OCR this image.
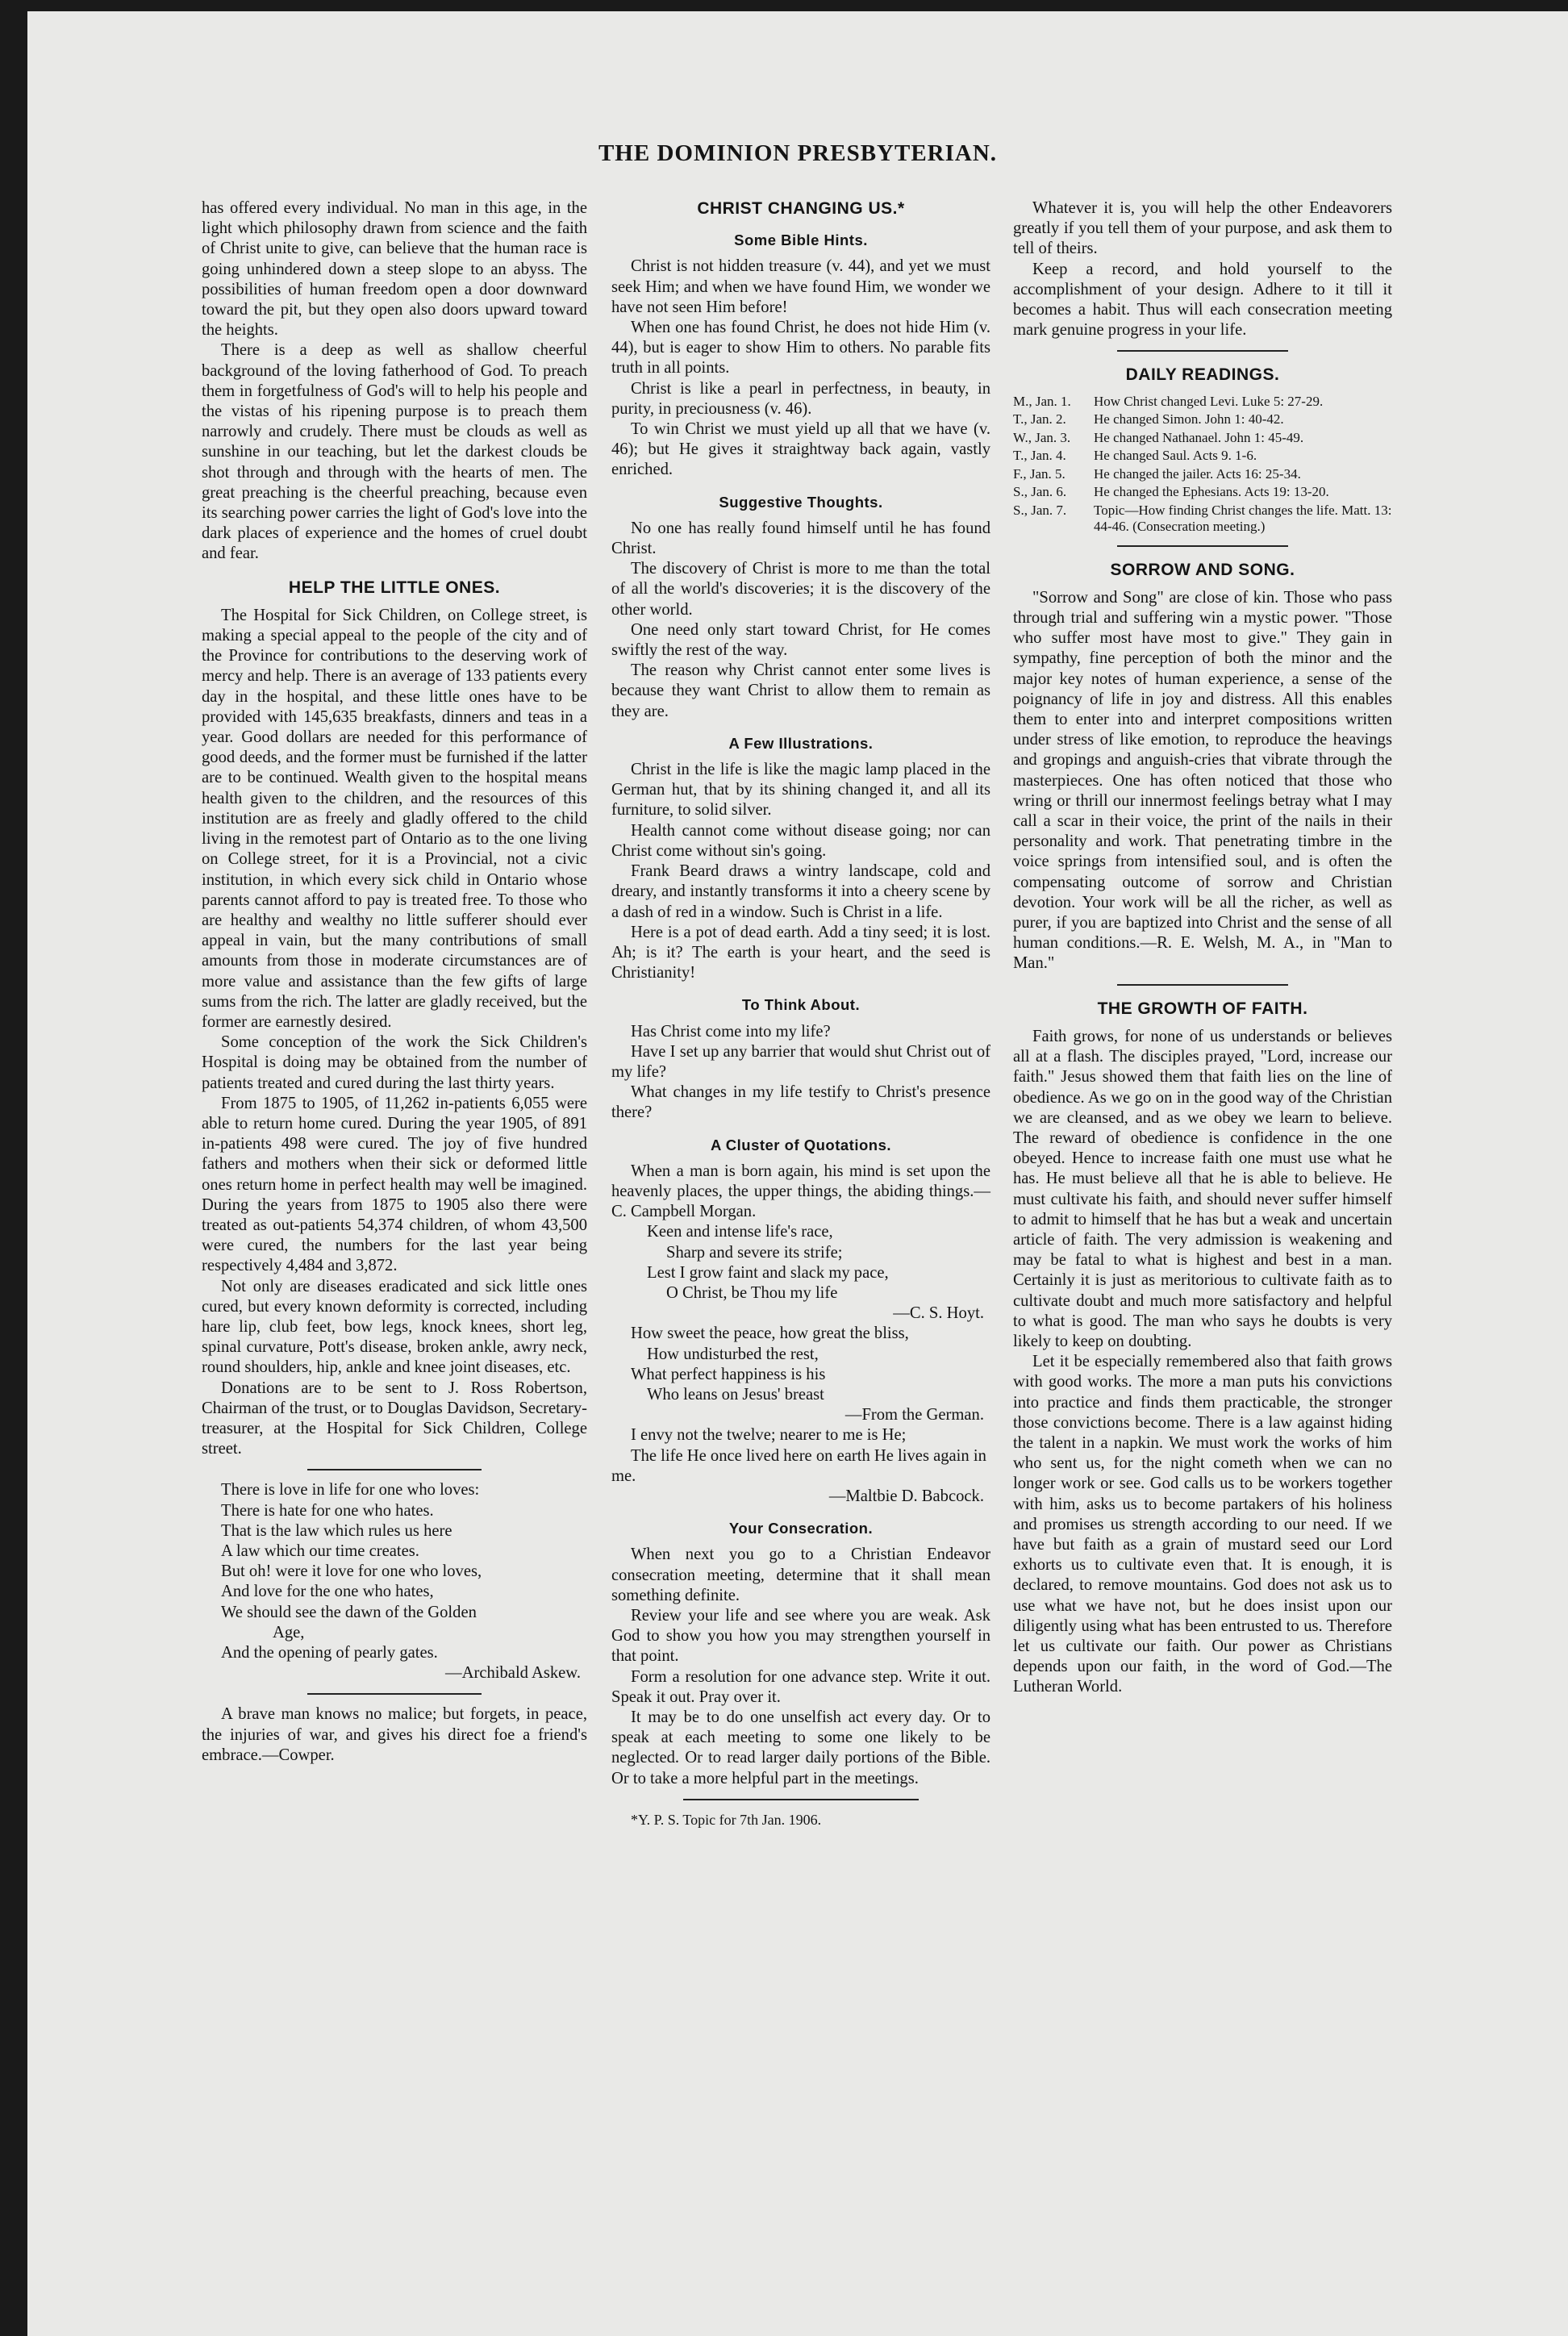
THE DOMINION PRESBYTERIAN.

has offered every individual. No man in this age, in the light which philosophy drawn from science and the faith of Christ unite to give, can believe that the human race is going unhindered down a steep slope to an abyss. The possibilities of human freedom open a door downward toward the pit, but they open also doors upward toward the heights.

There is a deep as well as shallow cheerful background of the loving fatherhood of God. To preach them in forgetfulness of God's will to help his people and the vistas of his ripening purpose is to preach them narrowly and crudely. There must be clouds as well as sunshine in our teaching, but let the darkest clouds be shot through and through with the hearts of men. The great preaching is the cheerful preaching, because even its searching power carries the light of God's love into the dark places of experience and the homes of cruel doubt and fear.

HELP THE LITTLE ONES.

The Hospital for Sick Children, on College street, is making a special appeal to the people of the city and of the Province for contributions to the deserving work of mercy and help. There is an average of 133 patients every day in the hospital, and these little ones have to be provided with 145,635 breakfasts, dinners and teas in a year. Good dollars are needed for this performance of good deeds, and the former must be furnished if the latter are to be continued. Wealth given to the hospital means health given to the children, and the resources of this institution are as freely and gladly offered to the child living in the remotest part of Ontario as to the one living on College street, for it is a Provincial, not a civic institution, in which every sick child in Ontario whose parents cannot afford to pay is treated free. To those who are healthy and wealthy no little sufferer should ever appeal in vain, but the many contributions of small amounts from those in moderate circumstances are of more value and assistance than the few gifts of large sums from the rich. The latter are gladly received, but the former are earnestly desired.

Some conception of the work the Sick Children's Hospital is doing may be obtained from the number of patients treated and cured during the last thirty years.

From 1875 to 1905, of 11,262 in-patients 6,055 were able to return home cured. During the year 1905, of 891 in-patients 498 were cured. The joy of five hundred fathers and mothers when their sick or deformed little ones return home in perfect health may well be imagined. During the years from 1875 to 1905 also there were treated as out-patients 54,374 children, of whom 43,500 were cured, the numbers for the last year being respectively 4,484 and 3,872.

Not only are diseases eradicated and sick little ones cured, but every known deformity is corrected, including hare lip, club feet, bow legs, knock knees, short leg, spinal curvature, Pott's disease, broken ankle, awry neck, round shoulders, hip, ankle and knee joint diseases, etc.

Donations are to be sent to J. Ross Robertson, Chairman of the trust, or to Douglas Davidson, Secretary-treasurer, at the Hospital for Sick Children, College street.

There is love in life for one who loves:

There is hate for one who hates.

That is the law which rules us here

A law which our time creates.

But oh! were it love for one who loves,

And love for the one who hates,

We should see the dawn of the Golden

Age,

And the opening of pearly gates.

—Archibald Askew.

A brave man knows no malice; but forgets, in peace, the injuries of war, and gives his direct foe a friend's embrace.—Cowper.

CHRIST CHANGING US.*
Some Bible Hints.

Christ is not hidden treasure (v. 44), and yet we must seek Him; and when we have found Him, we wonder we have not seen Him before!

When one has found Christ, he does not hide Him (v. 44), but is eager to show Him to others. No parable fits truth in all points.

Christ is like a pearl in perfectness, in beauty, in purity, in preciousness (v. 46).

To win Christ we must yield up all that we have (v. 46); but He gives it straightway back again, vastly enriched.

Suggestive Thoughts.

No one has really found himself until he has found Christ.

The discovery of Christ is more to me than the total of all the world's discoveries; it is the discovery of the other world.

One need only start toward Christ, for He comes swiftly the rest of the way.

The reason why Christ cannot enter some lives is because they want Christ to allow them to remain as they are.

A Few Illustrations.

Christ in the life is like the magic lamp placed in the German hut, that by its shining changed it, and all its furniture, to solid silver.

Health cannot come without disease going; nor can Christ come without sin's going.

Frank Beard draws a wintry landscape, cold and dreary, and instantly transforms it into a cheery scene by a dash of red in a window. Such is Christ in a life.

Here is a pot of dead earth. Add a tiny seed; it is lost. Ah; is it? The earth is your heart, and the seed is Christianity!

To Think About.

Has Christ come into my life?

Have I set up any barrier that would shut Christ out of my life?

What changes in my life testify to Christ's presence there?

A Cluster of Quotations.

When a man is born again, his mind is set upon the heavenly places, the upper things, the abiding things.—C. Campbell Morgan.

Keen and intense life's race,

Sharp and severe its strife;

Lest I grow faint and slack my pace,

O Christ, be Thou my life

—C. S. Hoyt.

How sweet the peace, how great the bliss,

How undisturbed the rest,

What perfect happiness is his

Who leans on Jesus' breast

—From the German.

I envy not the twelve; nearer to me is He;

The life He once lived here on earth He lives again in me.

—Maltbie D. Babcock.

Your Consecration.

When next you go to a Christian Endeavor consecration meeting, determine that it shall mean something definite.

Review your life and see where you are weak. Ask God to show you how you may strengthen yourself in that point.

Form a resolution for one advance step. Write it out. Speak it out. Pray over it.

It may be to do one unselfish act every day. Or to speak at each meeting to some one likely to be neglected. Or to read larger daily portions of the Bible. Or to take a more helpful part in the meetings.

*Y. P. S. Topic for 7th Jan. 1906.

Whatever it is, you will help the other Endeavorers greatly if you tell them of your purpose, and ask them to tell of theirs.

Keep a record, and hold yourself to the accomplishment of your design. Adhere to it till it becomes a habit. Thus will each consecration meeting mark genuine progress in your life.

DAILY READINGS.
M., Jan. 1.	How Christ changed Levi. Luke 5: 27-29.
T., Jan. 2.	He changed Simon. John 1: 40-42.
W., Jan. 3.	He changed Nathanael. John 1: 45-49.
T., Jan. 4.	He changed Saul. Acts 9. 1-6.
F., Jan. 5.	He changed the jailer. Acts 16: 25-34.
S., Jan. 6.	He changed the Ephesians. Acts 19: 13-20.
S., Jan. 7.	Topic—How finding Christ changes the life. Matt. 13: 44-46. (Consecration meeting.)
SORROW AND SONG.

"Sorrow and Song" are close of kin. Those who pass through trial and suffering win a mystic power. "Those who suffer most have most to give." They gain in sympathy, fine perception of both the minor and the major key notes of human experience, a sense of the poignancy of life in joy and distress. All this enables them to enter into and interpret compositions written under stress of like emotion, to reproduce the heavings and gropings and anguish-cries that vibrate through the masterpieces. One has often noticed that those who wring or thrill our innermost feelings betray what I may call a scar in their voice, the print of the nails in their personality and work. That penetrating timbre in the voice springs from intensified soul, and is often the compensating outcome of sorrow and Christian devotion. Your work will be all the richer, as well as purer, if you are baptized into Christ and the sense of all human conditions.—R. E. Welsh, M. A., in "Man to Man."

THE GROWTH OF FAITH.

Faith grows, for none of us understands or believes all at a flash. The disciples prayed, "Lord, increase our faith." Jesus showed them that faith lies on the line of obedience. As we go on in the good way of the Christian we are cleansed, and as we obey we learn to believe. The reward of obedience is confidence in the one obeyed. Hence to increase faith one must use what he has. He must believe all that he is able to believe. He must cultivate his faith, and should never suffer himself to admit to himself that he has but a weak and uncertain article of faith. The very admission is weakening and may be fatal to what is highest and best in a man. Certainly it is just as meritorious to cultivate faith as to cultivate doubt and much more satisfactory and helpful to what is good. The man who says he doubts is very likely to keep on doubting.

Let it be especially remembered also that faith grows with good works. The more a man puts his convictions into practice and finds them practicable, the stronger those convictions become. There is a law against hiding the talent in a napkin. We must work the works of him who sent us, for the night cometh when we can no longer work or see. God calls us to be workers together with him, asks us to become partakers of his holiness and promises us strength according to our need. If we have but faith as a grain of mustard seed our Lord exhorts us to cultivate even that. It is enough, it is declared, to remove mountains. God does not ask us to use what we have not, but he does insist upon our diligently using what has been entrusted to us. Therefore let us cultivate our faith. Our power as Christians depends upon our faith, in the word of God.—The Lutheran World.
